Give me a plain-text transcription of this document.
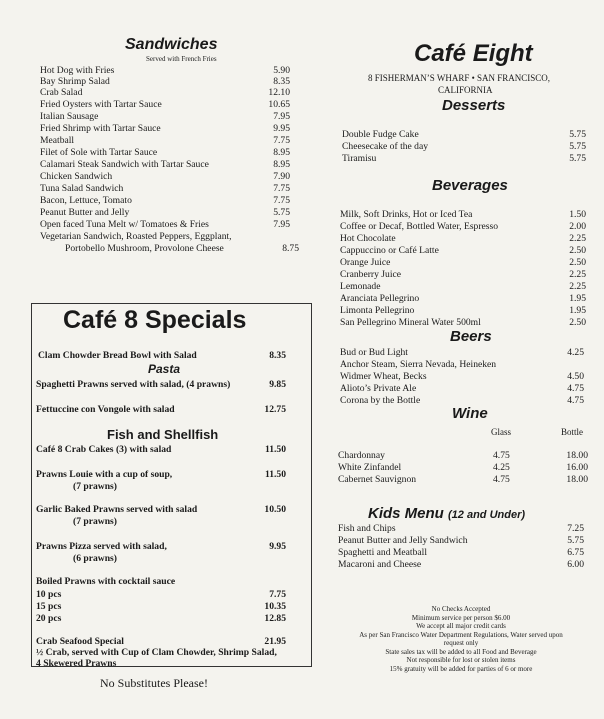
Sandwiches
Served with French Fries
Hot Dog with Fries	5.90
Bay Shrimp Salad	8.35
Crab Salad	12.10
Fried Oysters with Tartar Sauce	10.65
Italian Sausage	7.95
Fried Shrimp with Tartar Sauce	9.95
Meatball	7.75
Filet of Sole with Tartar Sauce	8.95
Calamari Steak Sandwich with Tartar Sauce	8.95
Chicken Sandwich	7.90
Tuna Salad Sandwich	7.75
Bacon, Lettuce, Tomato	7.75
Peanut Butter and Jelly	5.75
Open faced Tuna Melt w/ Tomatoes & Fries	7.95
Vegetarian Sandwich, Roasted Peppers, Eggplant,
Portobello Mushroom, Provolone Cheese	8.75
Café Eight
8 FISHERMAN’S WHARF • SAN FRANCISCO,
CALIFORNIA
Desserts
Double Fudge Cake	5.75
Cheesecake of the day	5.75
Tiramisu	5.75
Beverages
Milk, Soft Drinks, Hot or Iced Tea	1.50
Coffee or Decaf, Bottled Water, Espresso	2.00
Hot Chocolate	2.25
Cappuccino or Café Latte	2.50
Orange Juice	2.50
Cranberry Juice	2.25
Lemonade	2.25
Aranciata Pellegrino	1.95
Limonta Pellegrino	1.95
San Pellegrino Mineral Water 500ml	2.50
Beers
Bud or Bud Light	4.25
Anchor Steam, Sierra Nevada, Heineken
Widmer Wheat, Becks	4.50
Alioto’s Private Ale	4.75
Corona by the Bottle	4.75
Wine
Glass	Bottle
Chardonnay	4.75	18.00
White Zinfandel	4.25	16.00
Cabernet Sauvignon	4.75	18.00
Kids Menu (12 and Under)
Fish and Chips	7.25
Peanut Butter and Jelly Sandwich	5.75
Spaghetti and Meatball	6.75
Macaroni and Cheese	6.00
Café 8 Specials
Clam Chowder Bread Bowl with Salad	8.35
Pasta
Spaghetti Prawns served with salad, (4 prawns)	9.85
Fettuccine con Vongole with salad	12.75
Fish and Shellfish
Café 8 Crab Cakes (3) with salad	11.50
Prawns Louie with a cup of soup,	11.50
(7 prawns)
Garlic Baked Prawns served with salad	10.50
(7 prawns)
Prawns Pizza served with salad,	9.95
(6 prawns)
Boiled Prawns with cocktail sauce
10 pcs	7.75
15 pcs	10.35
20 pcs	12.85
Crab Seafood Special	21.95
½ Crab, served with Cup of Clam Chowder, Shrimp Salad,
4 Skewered Prawns
No Substitutes Please!
No Checks Accepted
Minimum service per person $6.00
We accept all major credit cards
As per San Francisco Water Department Regulations, Water served upon
request only
State sales tax will be added to all Food and Beverage
Not responsible for lost or stolen items
15% gratuity will be added for parties of 6 or more
